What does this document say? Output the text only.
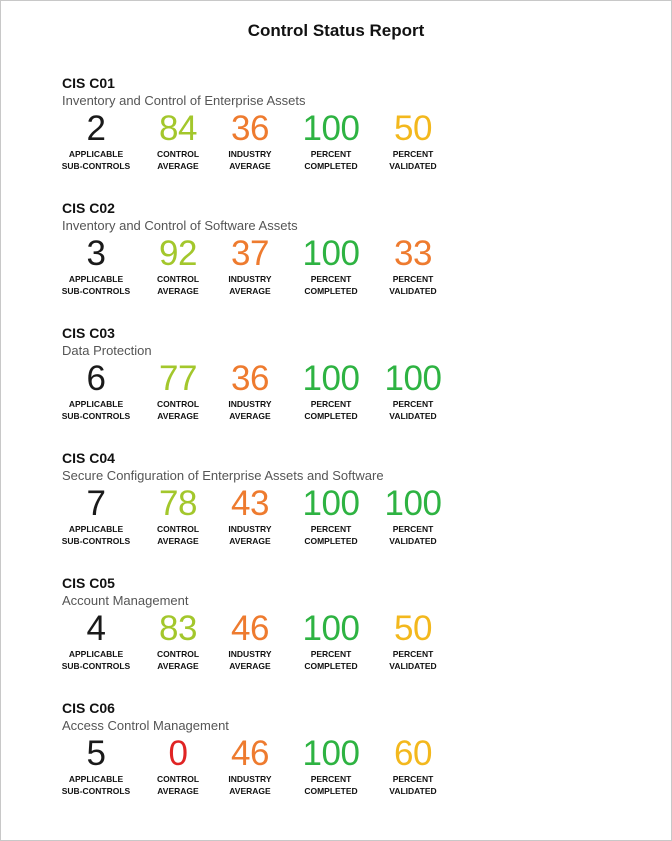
Control Status Report
CIS C01
Inventory and Control of Enterprise Assets
2
APPLICABLE
SUB-CONTROLS
84
CONTROL
AVERAGE
36
INDUSTRY
AVERAGE
100
PERCENT
COMPLETED
50
PERCENT
VALIDATED
CIS C02
Inventory and Control of Software Assets
3
APPLICABLE
SUB-CONTROLS
92
CONTROL
AVERAGE
37
INDUSTRY
AVERAGE
100
PERCENT
COMPLETED
33
PERCENT
VALIDATED
CIS C03
Data Protection
6
APPLICABLE
SUB-CONTROLS
77
CONTROL
AVERAGE
36
INDUSTRY
AVERAGE
100
PERCENT
COMPLETED
100
PERCENT
VALIDATED
CIS C04
Secure Configuration of Enterprise Assets and Software
7
APPLICABLE
SUB-CONTROLS
78
CONTROL
AVERAGE
43
INDUSTRY
AVERAGE
100
PERCENT
COMPLETED
100
PERCENT
VALIDATED
CIS C05
Account Management
4
APPLICABLE
SUB-CONTROLS
83
CONTROL
AVERAGE
46
INDUSTRY
AVERAGE
100
PERCENT
COMPLETED
50
PERCENT
VALIDATED
CIS C06
Access Control Management
5
APPLICABLE
SUB-CONTROLS
0
CONTROL
AVERAGE
46
INDUSTRY
AVERAGE
100
PERCENT
COMPLETED
60
PERCENT
VALIDATED
